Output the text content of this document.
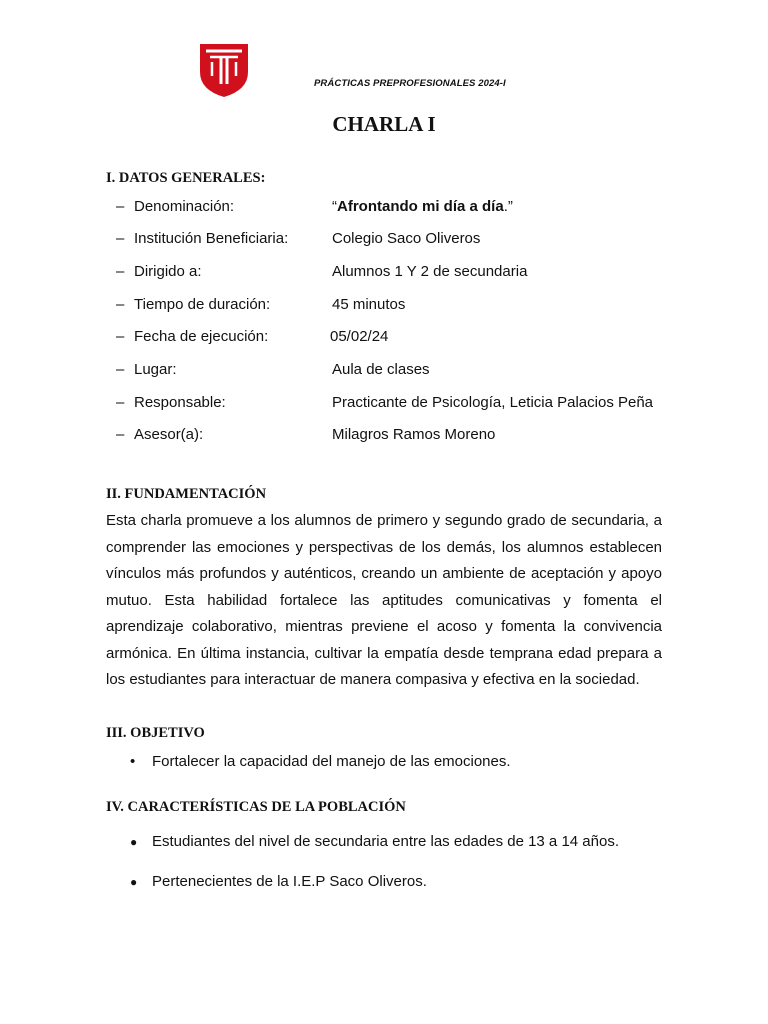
PRÁCTICAS PREPROFESIONALES 2024-I
CHARLA I
I. DATOS GENERALES:
– Denominación:	“Afrontando mi día a día.”
– Institución Beneficiaria:	Colegio Saco Oliveros
– Dirigido a:	Alumnos 1 Y 2 de secundaria
– Tiempo de duración:	45 minutos
– Fecha de ejecución:	05/02/24
– Lugar:	Aula de clases
– Responsable:	Practicante de Psicología, Leticia Palacios Peña
– Asesor(a):	Milagros Ramos Moreno
II. FUNDAMENTACIÓN
Esta charla promueve a los alumnos de primero y segundo grado de secundaria, a comprender las emociones y perspectivas de los demás, los alumnos establecen vínculos más profundos y auténticos, creando un ambiente de aceptación y apoyo mutuo. Esta habilidad fortalece las aptitudes comunicativas y fomenta el aprendizaje colaborativo, mientras previene el acoso y fomenta la convivencia armónica. En última instancia, cultivar la empatía desde temprana edad prepara a los estudiantes para interactuar de manera compasiva y efectiva en la sociedad.
III. OBJETIVO
• Fortalecer la capacidad del manejo de las emociones.
IV. CARACTERÍSTICAS DE LA POBLACIÓN
● Estudiantes del nivel de secundaria entre las edades de 13 a 14 años.
● Pertenecientes de la I.E.P Saco Oliveros.
